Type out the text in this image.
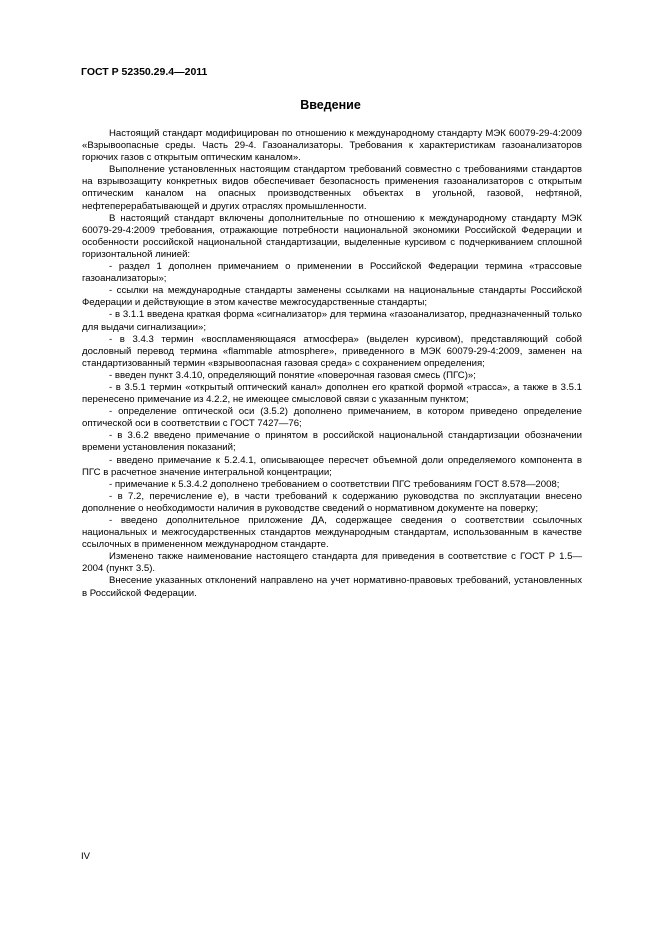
ГОСТ Р 52350.29.4—2011
Введение

Настоящий стандарт модифицирован по отношению к международному стандарту МЭК 60079-29-4:2009 «Взрывоопасные среды. Часть 29-4. Газоанализаторы. Требования к характеристикам газоанализаторов горючих газов с открытым оптическим каналом».

Выполнение установленных настоящим стандартом требований совместно с требованиями стандартов на взрывозащиту конкретных видов обеспечивает безопасность применения газоанализаторов с открытым оптическим каналом на опасных производственных объектах в угольной, газовой, нефтяной, нефтеперерабатывающей и других отраслях промышленности.

В настоящий стандарт включены дополнительные по отношению к международному стандарту МЭК 60079-29-4:2009 требования, отражающие потребности национальной экономики Российской Федерации и особенности российской национальной стандартизации, выделенные курсивом с подчеркиванием сплошной горизонтальной линией:

- раздел 1 дополнен примечанием о применении в Российской Федерации термина «трассовые газоанализаторы»;

- ссылки на международные стандарты заменены ссылками на национальные стандарты Российской Федерации и действующие в этом качестве межгосударственные стандарты;

- в 3.1.1 введена краткая форма «сигнализатор» для термина «газоанализатор, предназначенный только для выдачи сигнализации»;

- в 3.4.3 термин «воспламеняющаяся атмосфера» (выделен курсивом), представляющий собой дословный перевод термина «flammable atmosphere», приведенного в МЭК 60079-29-4:2009, заменен на стандартизованный термин «взрывоопасная газовая среда» с сохранением определения;

- введен пункт 3.4.10, определяющий понятие «поверочная газовая смесь (ПГС)»;

- в 3.5.1 термин «открытый оптический канал» дополнен его краткой формой «трасса», а также в 3.5.1 перенесено примечание из 4.2.2, не имеющее смысловой связи с указанным пунктом;

- определение оптической оси (3.5.2) дополнено примечанием, в котором приведено определение оптической оси в соответствии с ГОСТ 7427—76;

- в 3.6.2 введено примечание о принятом в российской национальной стандартизации обозначении времени установления показаний;

- введено примечание к 5.2.4.1, описывающее пересчет объемной доли определяемого компонента в ПГС в расчетное значение интегральной концентрации;

- примечание к 5.3.4.2 дополнено требованием о соответствии ПГС требованиям ГОСТ 8.578—2008;

- в 7.2, перечисление е), в части требований к содержанию руководства по эксплуатации внесено дополнение о необходимости наличия в руководстве сведений о нормативном документе на поверку;

- введено дополнительное приложение ДА, содержащее сведения о соответствии ссылочных национальных и межгосударственных стандартов международным стандартам, использованным в качестве ссылочных в примененном международном стандарте.

Изменено также наименование настоящего стандарта для приведения в соответствие с ГОСТ Р 1.5—2004 (пункт 3.5).

Внесение указанных отклонений направлено на учет нормативно-правовых требований, установленных в Российской Федерации.

IV
